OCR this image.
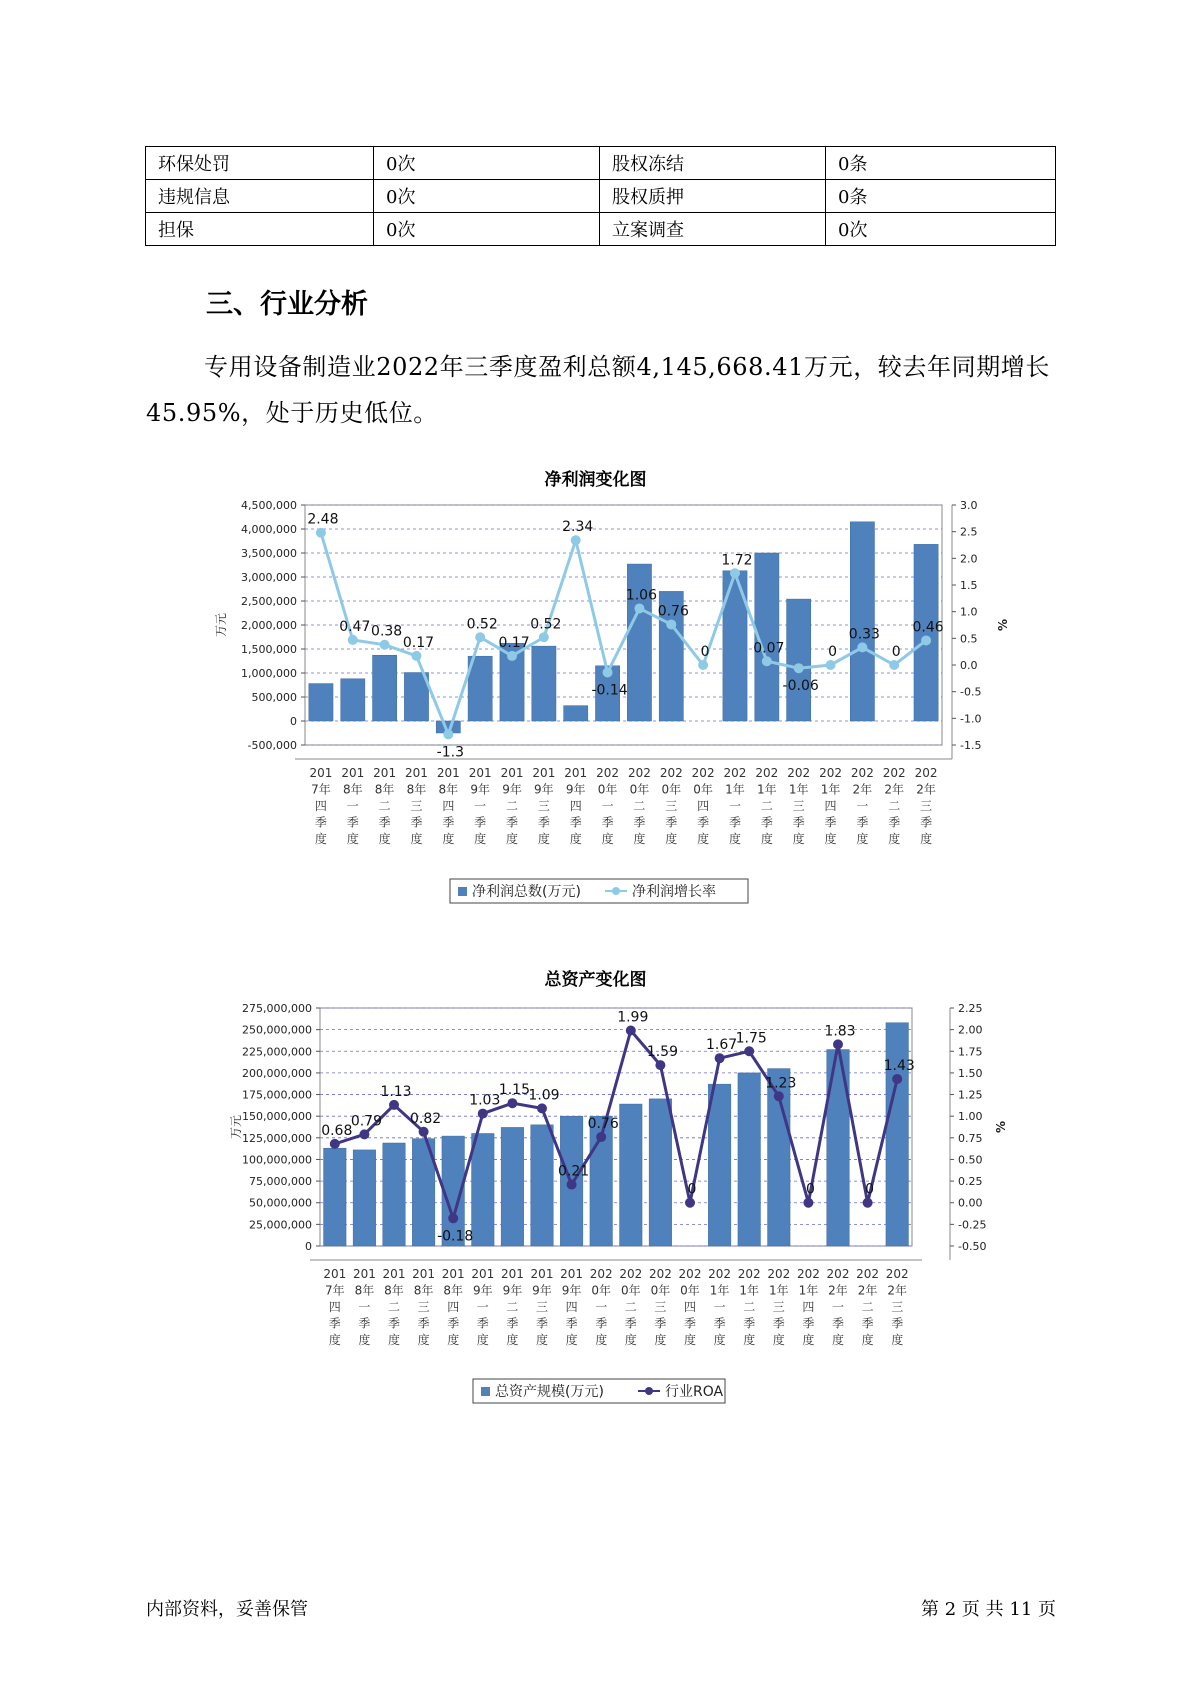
环保处罚	0次	股权冻结	0条
违规信息	0次	股权质押	0条
担保	0次	立案调查	0次
三、行业分析

专用设备制造业2022年三季度盈利总额4,145,668.41万元，较去年同期增长45.95%，处于历史低位。

净利润变化图
-500,000
0
500,000
1,000,000
1,500,000
2,000,000
2,500,000
3,000,000
3,500,000
4,000,000
4,500,000
-1.5
-1.0
-0.5
0.0
0.5
1.0
1.5
2.0
2.5
3.0
万元	%
201
7年
四
季
度
201
8年
一
季
度
201
8年
二
季
度
201
8年
三
季
度
201
8年
四
季
度
201
9年
一
季
度
201
9年
二
季
度
201
9年
三
季
度
201
9年
四
季
度
202
0年
一
季
度
202
0年
二
季
度
202
0年
三
季
度
202
0年
四
季
度
202
1年
一
季
度
202
1年
二
季
度
202
1年
三
季
度
202
1年
四
季
度
202
2年
一
季
度
202
2年
二
季
度
202
2年
三
季
度
2.48
0.47 0.38
0.17
-1.3
0.52
0.17
0.52
2.34
-0.14
1.06
0.76
0
1.72
0.07
-0.06
0
0.33
0
0.46
净利润总数(万元)	净利润增长率
总资产变化图
0
25,000,000
50,000,000
75,000,000
100,000,000
125,000,000
150,000,000
175,000,000
200,000,000
225,000,000
250,000,000
275,000,000
-0.50
-0.25
0.00
0.25
0.50
0.75
1.00
1.25
1.50
1.75
2.00
2.25
万元	%
201
7年
四
季
度
201
8年
一
季
度
201
8年
二
季
度
201
8年
三
季
度
201
8年
四
季
度
201
9年
一
季
度
201
9年
二
季
度
201
9年
三
季
度
201
9年
四
季
度
202
0年
一
季
度
202
0年
二
季
度
202
0年
三
季
度
202
0年
四
季
度
202
1年
一
季
度
202
1年
二
季
度
202
1年
三
季
度
202
1年
四
季
度
202
2年
一
季
度
202
2年
二
季
度
202
2年
三
季
度
0.68
0.79
1.13
0.82
-0.18
1.03
1.15
1.09
0.21
0.76
1.99
1.59
0
1.67
1.75
1.23
0
1.83
0
1.43
总资产规模(万元)	行业ROA
内部资料，妥善保管	第 2 页 共 11 页
